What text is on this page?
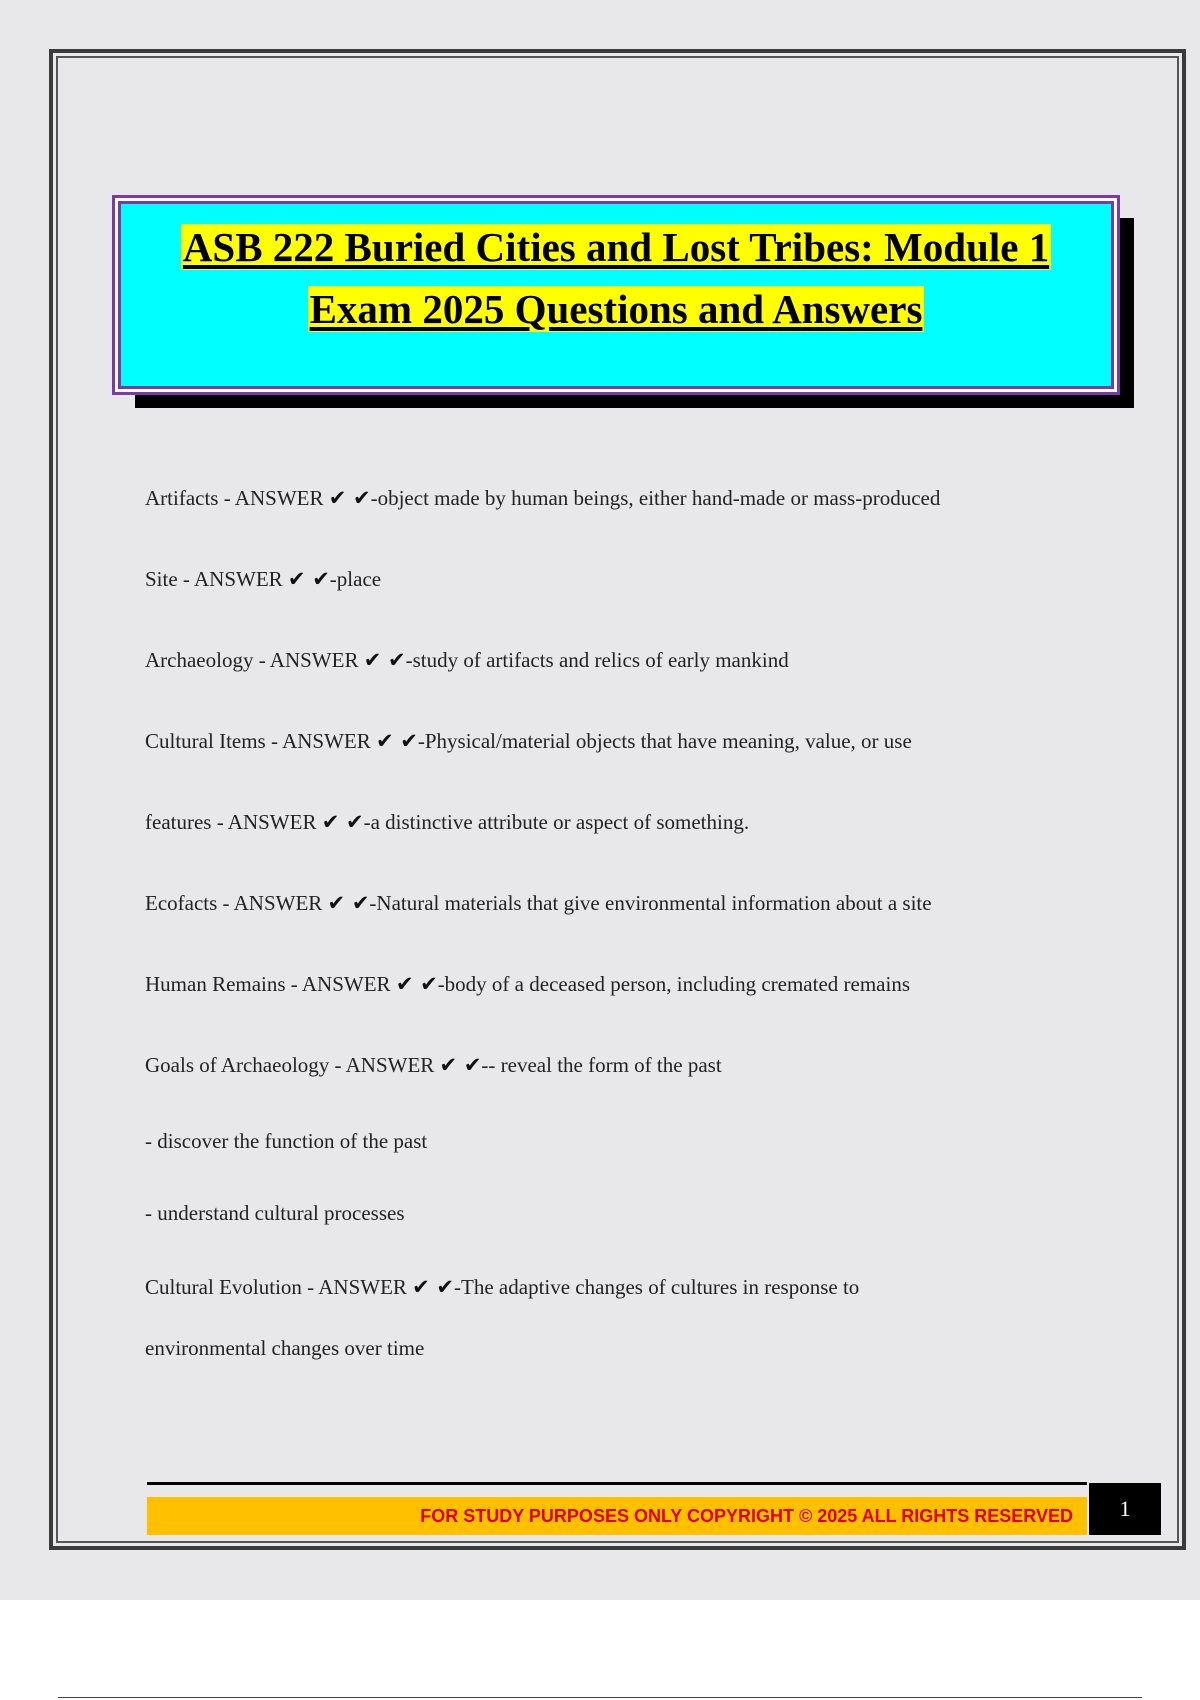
ASB 222 Buried Cities and Lost Tribes: Module 1
Exam 2025 Questions and Answers
Artifacts - ANSWER ✔ ✔-object made by human beings, either hand-made or mass-produced
Site - ANSWER ✔ ✔-place
Archaeology - ANSWER ✔ ✔-study of artifacts and relics of early mankind
Cultural Items - ANSWER ✔ ✔-Physical/material objects that have meaning, value, or use
features - ANSWER ✔ ✔-a distinctive attribute or aspect of something.
Ecofacts - ANSWER ✔ ✔-Natural materials that give environmental information about a site
Human Remains - ANSWER ✔ ✔-body of a deceased person, including cremated remains
Goals of Archaeology - ANSWER ✔ ✔-- reveal the form of the past
- discover the function of the past
- understand cultural processes
Cultural Evolution - ANSWER ✔ ✔-The adaptive changes of cultures in response to
environmental changes over time
FOR STUDY PURPOSES ONLY COPYRIGHT © 2025 ALL RIGHTS RESERVED	1
